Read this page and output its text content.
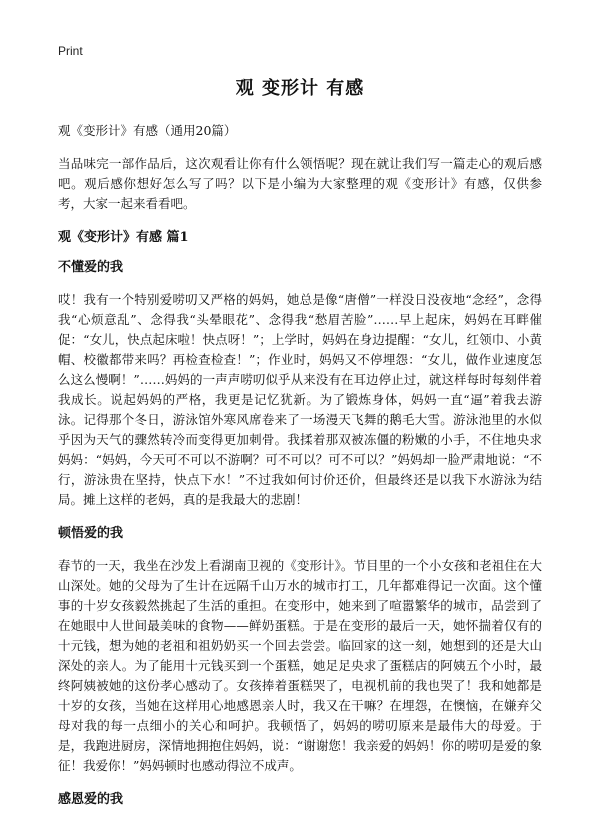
Print
观 变形计 有感
观《变形计》有感（通用20篇）
当品味完一部作品后，这次观看让你有什么领悟呢？现在就让我们写一篇走心的观后感吧。观后感你想好怎么写了吗？以下是小编为大家整理的观《变形计》有感，仅供参考，大家一起来看看吧。
观《变形计》有感 篇1
不懂爱的我
哎！我有一个特别爱唠叨又严格的妈妈，她总是像“唐僧”一样没日没夜地“念经”，念得我“心烦意乱”、念得我“头晕眼花”、念得我“愁眉苦脸”……早上起床，妈妈在耳畔催促：“女儿，快点起床啦！快点呀！”；上学时，妈妈在身边提醒：“女儿，红领巾、小黄帽、校徽都带来吗？再检查检查！”；作业时，妈妈又不停埋怨：“女儿，做作业速度怎么这么慢啊！”……妈妈的一声声唠叨似乎从来没有在耳边停止过，就这样每时每刻伴着我成长。说起妈妈的严格，我更是记忆犹新。为了锻炼身体，妈妈一直“逼”着我去游泳。记得那个冬日，游泳馆外寒风席卷来了一场漫天飞舞的鹅毛大雪。游泳池里的水似乎因为天气的骤然转冷而变得更加刺骨。我揉着那双被冻僵的粉嫩的小手，不住地央求妈妈：“妈妈，今天可不可以不游啊？可不可以？可不可以？”妈妈却一脸严肃地说：“不行，游泳贵在坚持，快点下水！”不过我如何讨价还价，但最终还是以我下水游泳为结局。摊上这样的老妈，真的是我最大的悲剧！
顿悟爱的我
春节的一天，我坐在沙发上看湖南卫视的《变形计》。节目里的一个小女孩和老祖住在大山深处。她的父母为了生计在远隔千山万水的城市打工，几年都难得记一次面。这个懂事的十岁女孩毅然挑起了生活的重担。在变形中，她来到了喧嚣繁华的城市，品尝到了在她眼中人世间最美味的食物——鲜奶蛋糕。于是在变形的最后一天，她怀揣着仅有的十元钱，想为她的老祖和祖奶奶买一个回去尝尝。临回家的这一刻，她想到的还是大山深处的亲人。为了能用十元钱买到一个蛋糕，她足足央求了蛋糕店的阿姨五个小时，最终阿姨被她的这份孝心感动了。女孩捧着蛋糕哭了，电视机前的我也哭了！我和她都是十岁的女孩，当她在这样用心地感恩亲人时，我又在干嘛？在埋怨，在懊恼，在嫌弃父母对我的每一点细小的关心和呵护。我顿悟了，妈妈的唠叨原来是最伟大的母爱。于是，我跑进厨房，深情地拥抱住妈妈，说：“谢谢您！我亲爱的妈妈！你的唠叨是爱的象征！我爱你！”妈妈顿时也感动得泣不成声。
感恩爱的我
